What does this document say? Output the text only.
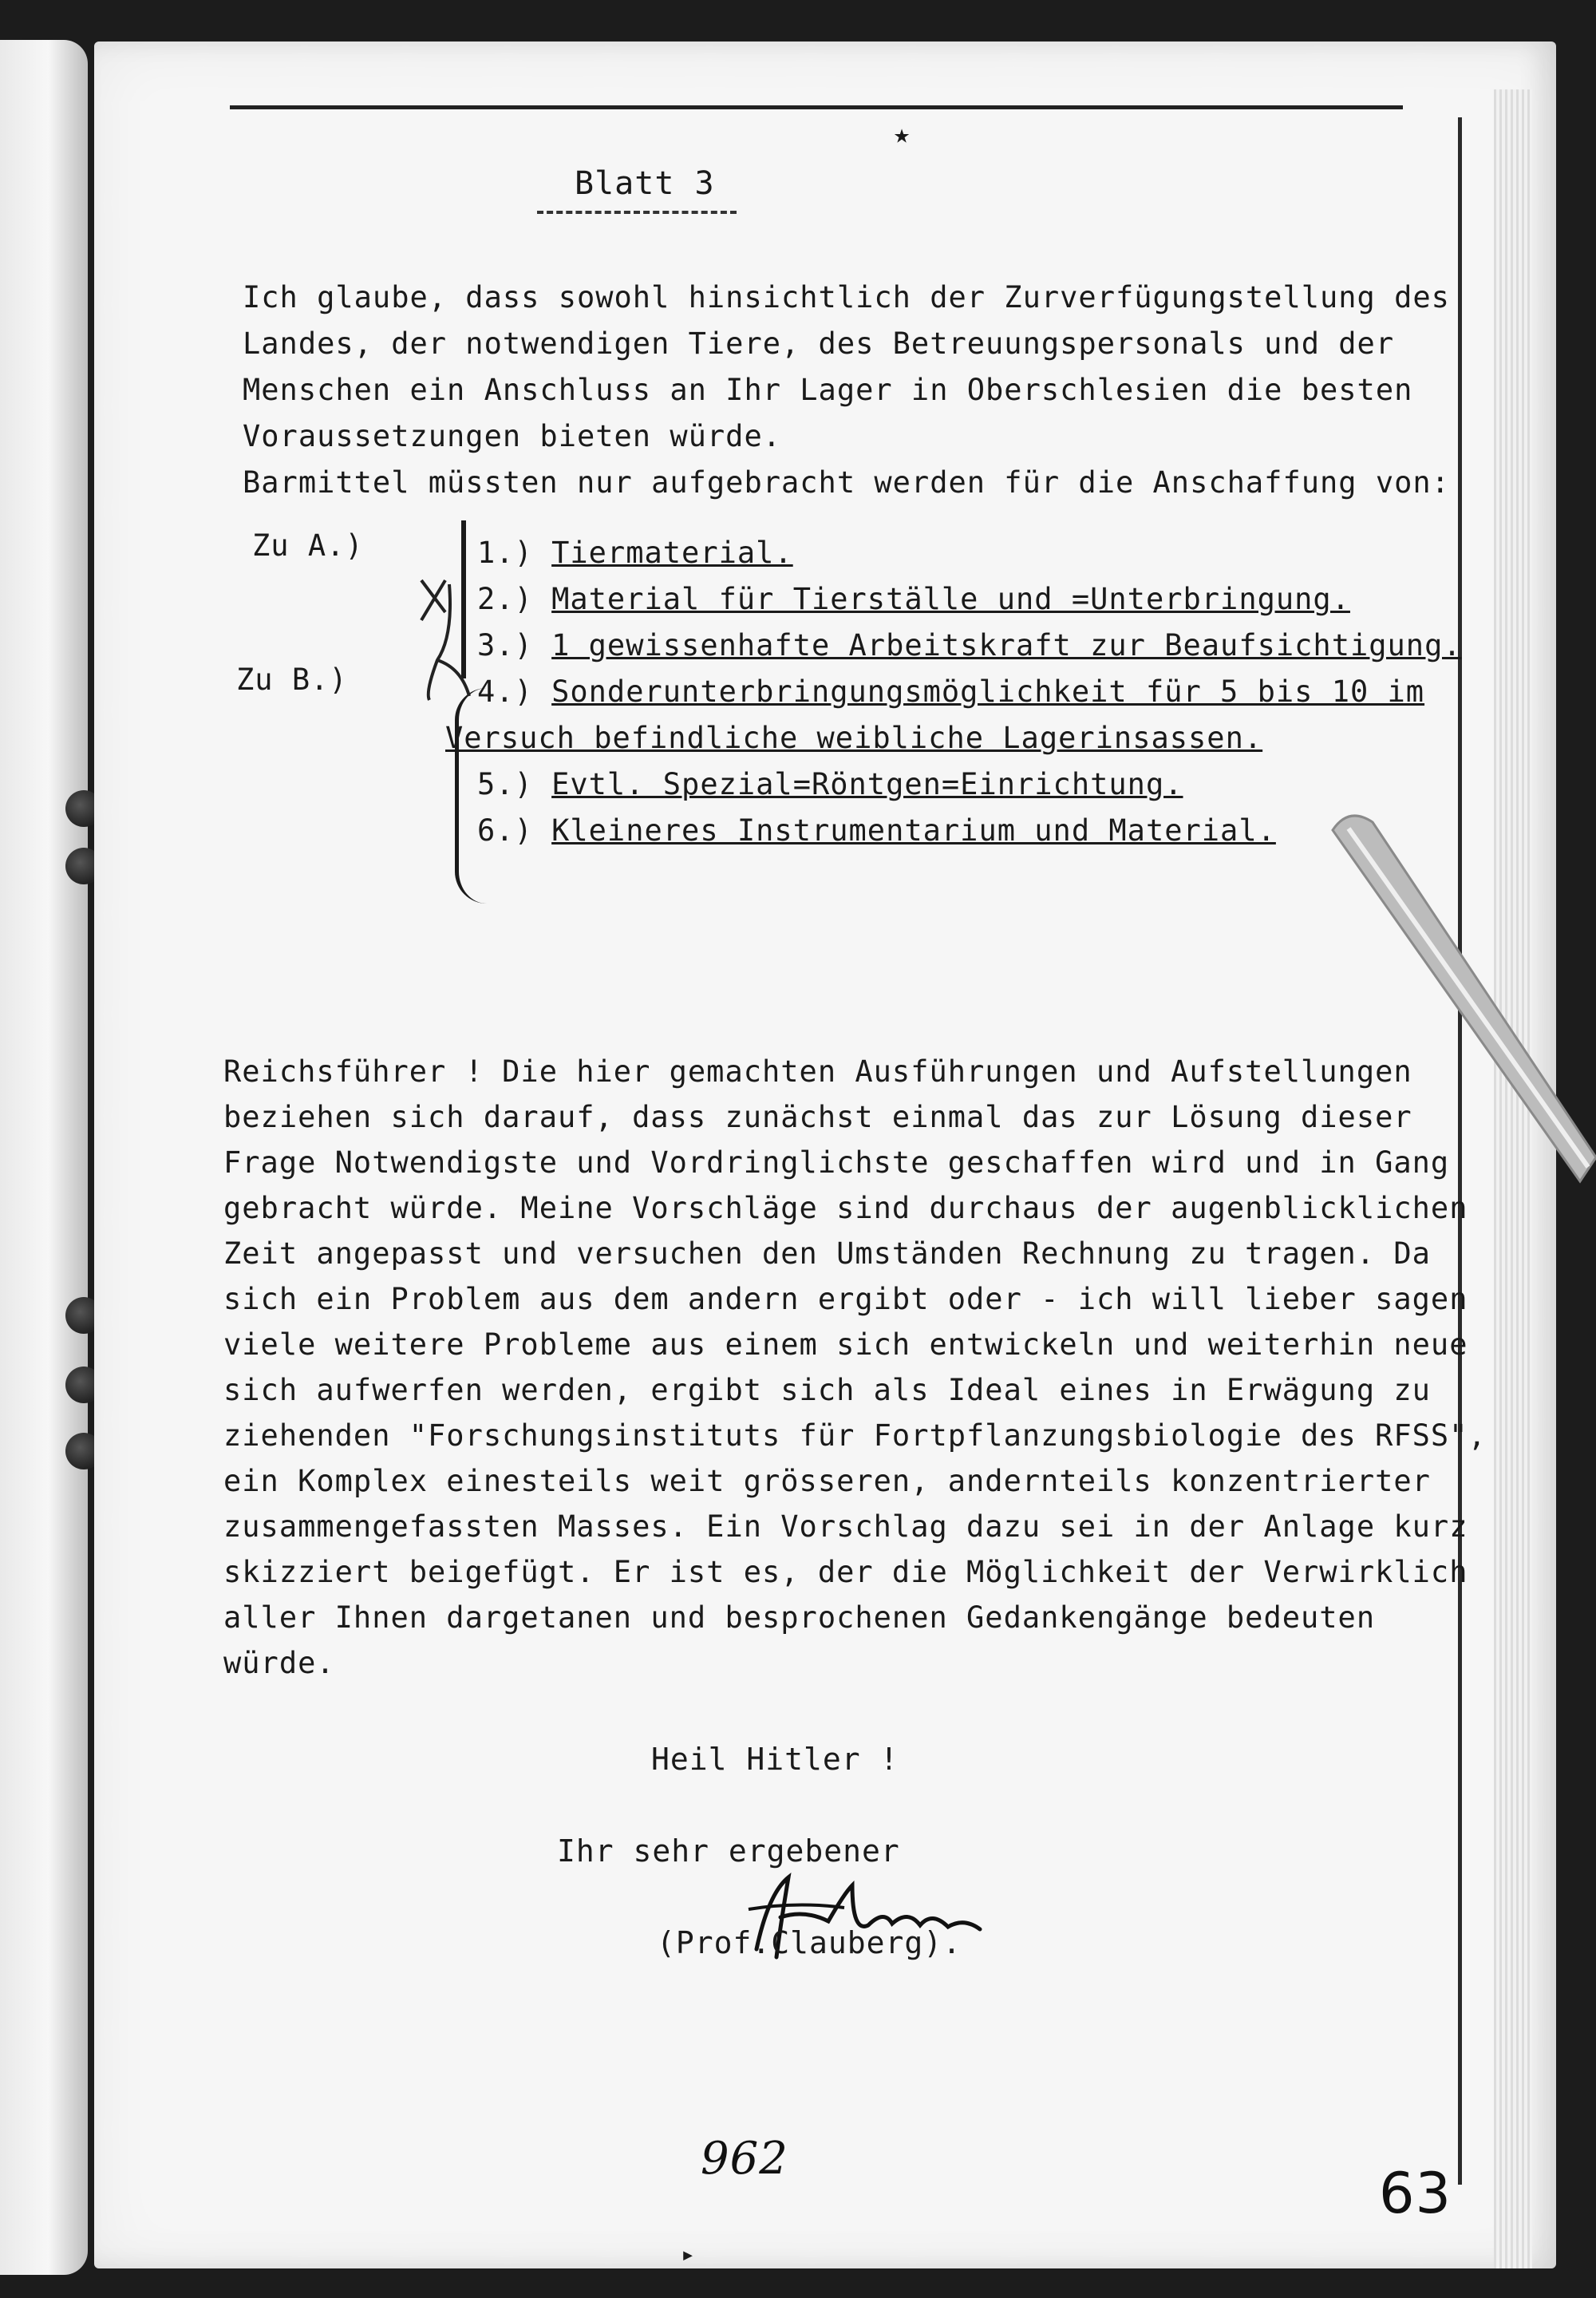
٭
Blatt 3
Ich glaube, dass sowohl hinsichtlich der Zurverfügungstellung des
Landes, der notwendigen Tiere, des Betreuungspersonals und der
Menschen ein Anschluss an Ihr Lager in Oberschlesien die besten
Voraussetzungen bieten würde.
Barmittel müssten nur aufgebracht werden für die Anschaffung von:
Zu A.)
Zu B.)
1.) Tiermaterial.
2.) Material für Tierställe und =Unterbringung.
3.) 1 gewissenhafte Arbeitskraft zur Beaufsichtigung.
4.) Sonderunterbringungsmöglichkeit für 5 bis 10 im
Versuch befindliche weibliche Lagerinsassen.
5.) Evtl. Spezial=Röntgen=Einrichtung.
6.) Kleineres Instrumentarium und Material.
Reichsführer ! Die hier gemachten Ausführungen und Aufstellungen
beziehen sich darauf, dass zunächst einmal das zur Lösung dieser
Frage Notwendigste und Vordringlichste geschaffen wird und in Gang
gebracht würde. Meine Vorschläge sind durchaus der augenblicklichen
Zeit angepasst und versuchen den Umständen Rechnung zu tragen. Da
sich ein Problem aus dem andern ergibt oder - ich will lieber sagen
viele weitere Probleme aus einem sich entwickeln und weiterhin neue
sich aufwerfen werden, ergibt sich als Ideal eines in Erwägung zu
ziehenden "Forschungsinstituts für Fortpflanzungsbiologie des RFSS",
ein Komplex einesteils weit grösseren, andernteils konzentrierter
zusammengefassten Masses. Ein Vorschlag dazu sei in der Anlage kurz
skizziert beigefügt. Er ist es, der die Möglichkeit der Verwirklich
aller Ihnen dargetanen und besprochenen Gedankengänge bedeuten
würde.
Heil Hitler !
Ihr sehr ergebener
(Prof.Clauberg).
962
63
▸
